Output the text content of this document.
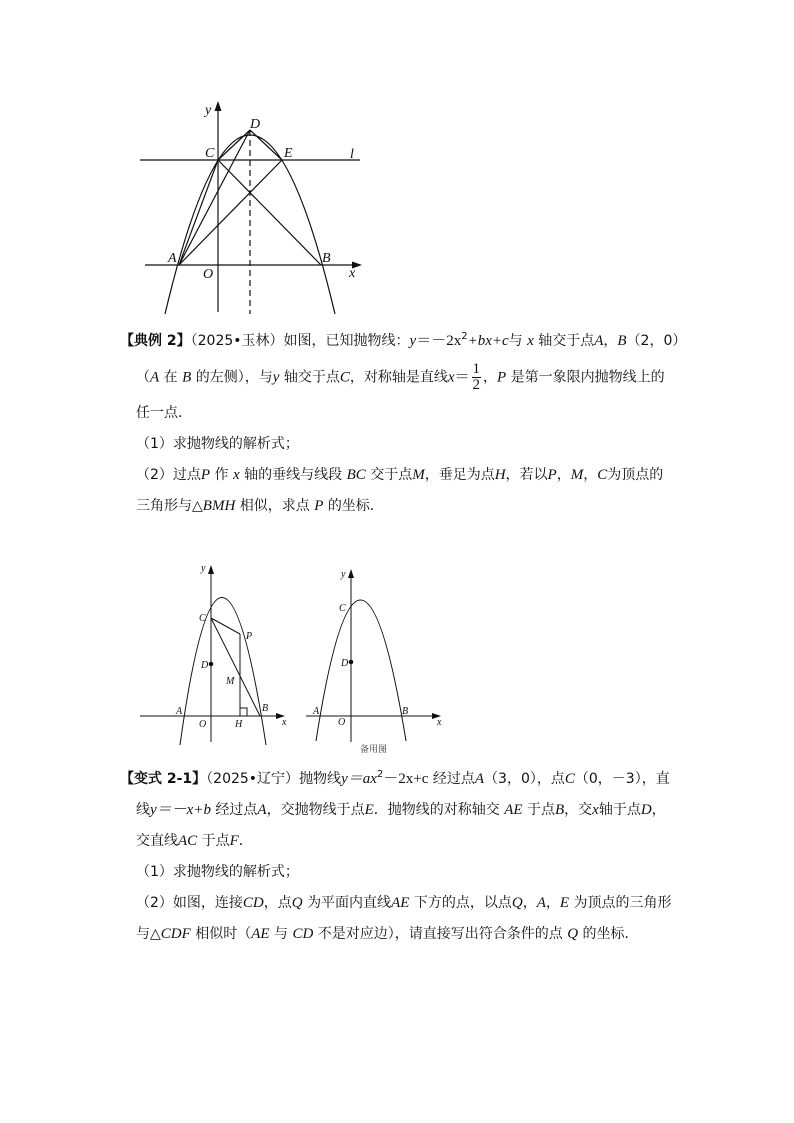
y
D
C	E	l
A
O
B
x
【典例 2】（2025•玉林）如图，已知抛物线：$y=-2x^2+bx+c$与 x 轴交于点A，B（2，0）
（A 在 B 的左侧），与y 轴交于点C，对称轴是直线$x= \frac{1}{2}$ ，P 是第一象限内抛物线上的
任一点．
（1）求抛物线的解析式；
（2）过点P 作 x 轴的垂线与线段 BC 交于点M，垂足为点H，若以P，M，C为顶点的
三角形与△BMH 相似，求点 P 的坐标．
y
C
P
D
M
A
O	H
B
x
y
C
D
A
O
B
x
备用图
【变式 2-1】（2025•辽宁）抛物线$y=ax^2-2x+c$ 经过点A（3，0），点C（0，－3），直
线y＝－x+b 经过点A，交抛物线于点E．抛物线的对称轴交 AE 于点B，交x轴于点D，
交直线AC 于点F．
（1）求抛物线的解析式；
（2）如图，连接CD，点Q 为平面内直线AE 下方的点，以点Q，A，E 为顶点的三角形
与△CDF 相似时（AE 与 CD 不是对应边），请直接写出符合条件的点 Q 的坐标．
